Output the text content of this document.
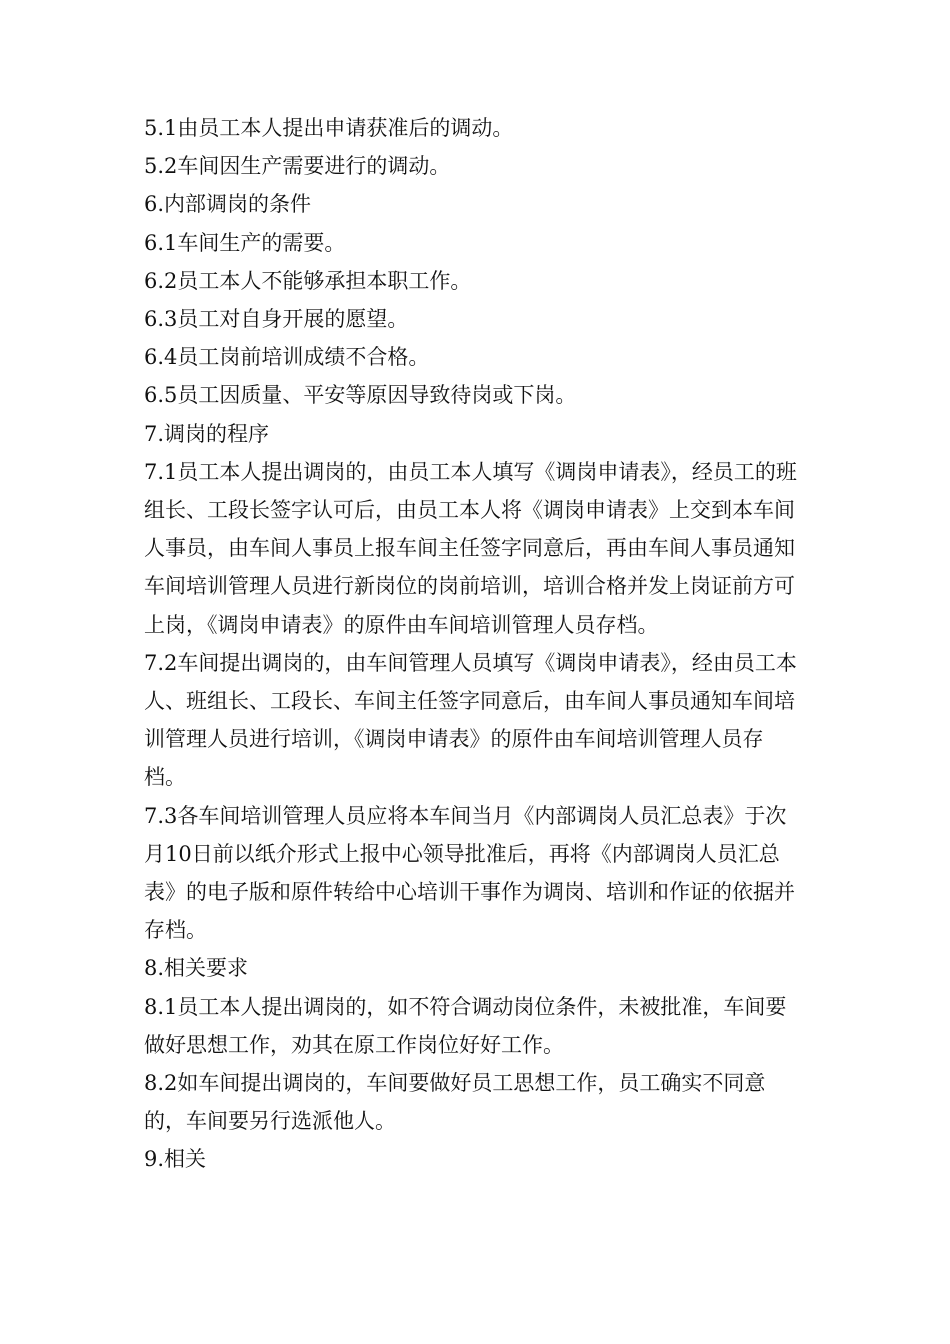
5.1由员工本人提出申请获准后的调动。

5.2车间因生产需要进行的调动。

6.内部调岗的条件

6.1车间生产的需要。

6.2员工本人不能够承担本职工作。

6.3员工对自身开展的愿望。

6.4员工岗前培训成绩不合格。

6.5员工因质量、平安等原因导致待岗或下岗。

7.调岗的程序

7.1员工本人提出调岗的，由员工本人填写《调岗申请表》，经员工的班组长、工段长签字认可后，由员工本人将《调岗申请表》上交到本车间人事员，由车间人事员上报车间主任签字同意后，再由车间人事员通知车间培训管理人员进行新岗位的岗前培训，培训合格并发上岗证前方可上岗，《调岗申请表》的原件由车间培训管理人员存档。

7.2车间提出调岗的，由车间管理人员填写《调岗申请表》，经由员工本人、班组长、工段长、车间主任签字同意后，由车间人事员通知车间培训管理人员进行培训，《调岗申请表》的原件由车间培训管理人员存档。

7.3各车间培训管理人员应将本车间当月《内部调岗人员汇总表》于次月10日前以纸介形式上报中心领导批准后，再将《内部调岗人员汇总表》的电子版和原件转给中心培训干事作为调岗、培训和作证的依据并存档。

8.相关要求

8.1员工本人提出调岗的，如不符合调动岗位条件，未被批准，车间要做好思想工作，劝其在原工作岗位好好工作。

8.2如车间提出调岗的，车间要做好员工思想工作，员工确实不同意的，车间要另行选派他人。

9.相关
